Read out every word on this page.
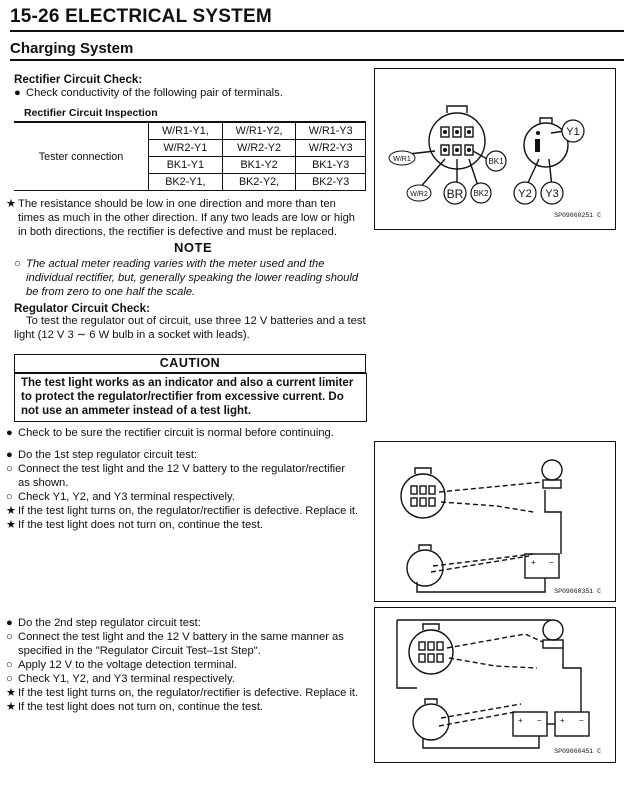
15-26 ELECTRICAL SYSTEM
Charging System
Rectifier Circuit Check:
● Check conductivity of the following pair of terminals.
Rectifier Circuit Inspection
Tester connection	W/R1-Y1,	W/R1-Y2,	W/R1-Y3
	W/R2-Y1	W/R2-Y2	W/R2-Y3
	BK1-Y1	BK1-Y2	BK1-Y3
	BK2-Y1,	BK2-Y2,	BK2-Y3
★ The resistance should be low in one direction and more than ten
times as much in the other direction. If any two leads are low or high
in both directions, the rectifier is defective and must be replaced.
NOTE
○ The actual meter reading varies with the meter used and the
individual rectifier, but, generally speaking the lower reading should
be from zero to one half the scale.
Regulator Circuit Check:
To test the regulator out of circuit, use three 12 V batteries and a test
light (12 V 3 ∼ 6 W bulb in a socket with leads).
CAUTION
The test light works as an indicator and also a current limiter
to protect the regulator/rectifier from excessive current. Do
not use an ammeter instead of a test light.
● Check to be sure the rectifier circuit is normal before continuing.
● Do the 1st step regulator circuit test:
○ Connect the test light and the 12 V battery to the regulator/rectifier
as shown.
○ Check Y1, Y2, and Y3 terminal respectively.
★ If the test light turns on, the regulator/rectifier is defective. Replace it.
★ If the test light does not turn on, continue the test.
● Do the 2nd step regulator circuit test:
○ Connect the test light and the 12 V battery in the same manner as
specified in the "Regulator Circuit Test–1st Step".
○ Apply 12 V to the voltage detection terminal.
○ Check Y1, Y2, and Y3 terminal respectively.
★ If the test light turns on, the regulator/rectifier is defective. Replace it.
★ If the test light does not turn on, continue the test.
W/R1	BK1
W/R2 BR BK2
Y1
Y2 Y3
SP09060251 C
+ −
SP09060351 C
+ − + −
SP09060451 C
